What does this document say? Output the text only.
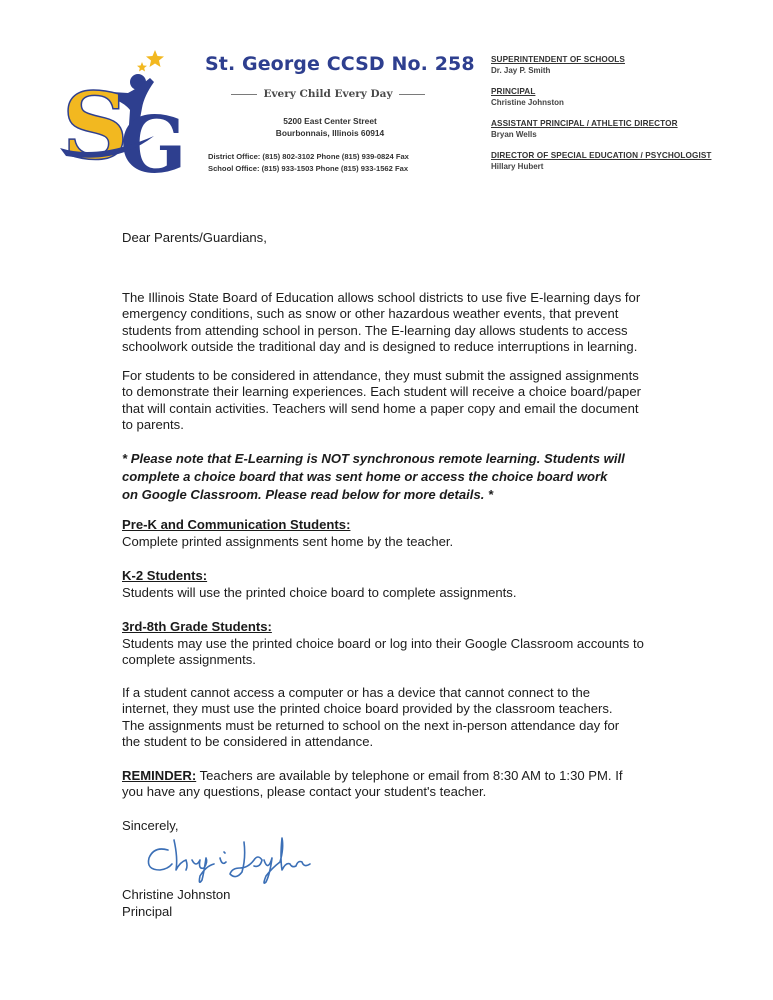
S
G
St. George CCSD No. 258
Every Child Every Day
5200 East Center Street
Bourbonnais, Illinois 60914
District Office: (815) 802-3102 Phone (815) 939-0824 Fax
School Office: (815) 933-1503 Phone (815) 933-1562 Fax
SUPERINTENDENT OF SCHOOLS
Dr. Jay P. Smith
PRINCIPAL
Christine Johnston
ASSISTANT PRINCIPAL / ATHLETIC DIRECTOR
Bryan Wells
DIRECTOR OF SPECIAL EDUCATION / PSYCHOLOGIST
Hillary Hubert
Dear Parents/Guardians,
The Illinois State Board of Education allows school districts to use five E-learning days for
emergency conditions, such as snow or other hazardous weather events, that prevent
students from attending school in person. The E-learning day allows students to access
schoolwork outside the traditional day and is designed to reduce interruptions in learning.
For students to be considered in attendance, they must submit the assigned assignments
to demonstrate their learning experiences. Each student will receive a choice board/paper
that will contain activities. Teachers will send home a paper copy and email the document
to parents.
* Please note that E-Learning is NOT synchronous remote learning. Students will
complete a choice board that was sent home or access the choice board work
on Google Classroom. Please read below for more details. *
Pre-K and Communication Students:
Complete printed assignments sent home by the teacher.
K-2 Students:
Students will use the printed choice board to complete assignments.
3rd-8th Grade Students:
Students may use the printed choice board or log into their Google Classroom accounts to
complete assignments.
If a student cannot access a computer or has a device that cannot connect to the
internet, they must use the printed choice board provided by the classroom teachers.
The assignments must be returned to school on the next in-person attendance day for
the student to be considered in attendance.
REMINDER: Teachers are available by telephone or email from 8:30 AM to 1:30 PM. If
you have any questions, please contact your student's teacher.
Sincerely,
Christine Johnston
Principal
